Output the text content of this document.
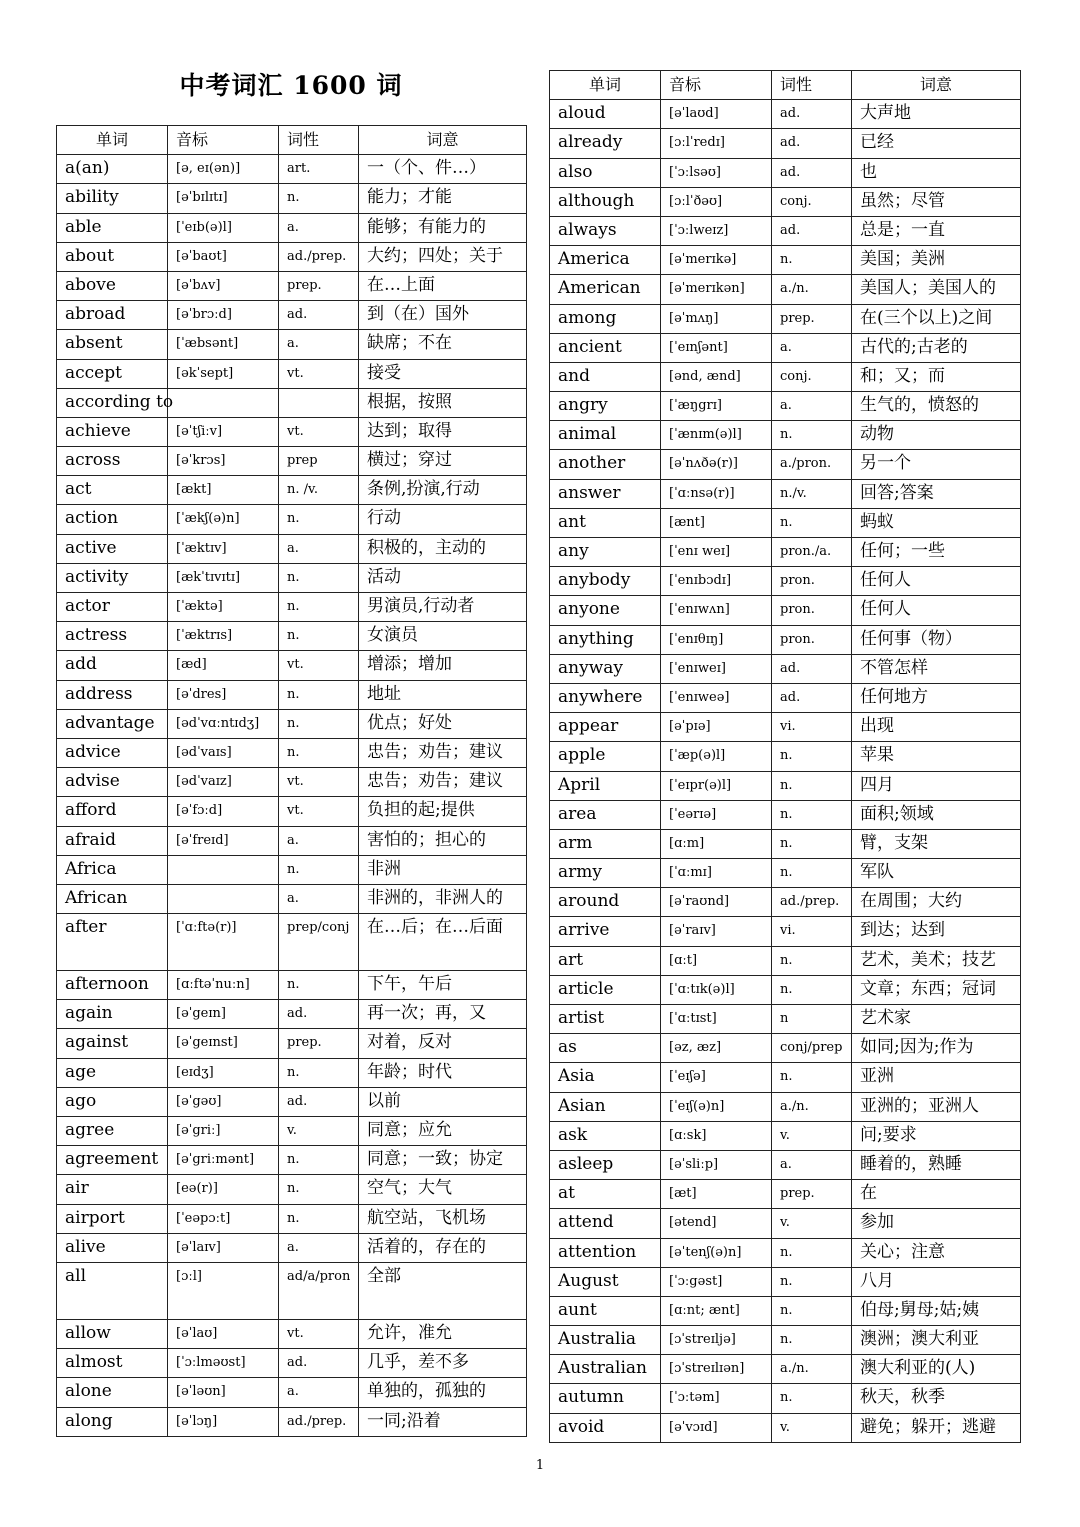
中考词汇 1600 词
单词	音标	词性	词意
a(an)	[ə, eɪ(ən)]	art.	一（个、件…）
ability	[əˈbɪlɪtɪ]	n.	能力；才能
able	[ˈeɪb(ə)l]	a.	能够；有能力的
about	[əˈbaʊt]	ad./prep.	大约；四处；关于
above	[əˈbʌv]	prep.	在…上面
abroad	[əˈbrɔːd]	ad.	到（在）国外
absent	[ˈæbsənt]	a.	缺席；不在
accept	[əkˈsept]	vt.	接受
according to			根据，按照
achieve	[əˈtʃiːv]	vt.	达到；取得
across	[əˈkrɔs]	prep	横过；穿过
act	[ækt]	n. /v.	条例,扮演,行动
action	[ˈækʃ(ə)n]	n.	行动
active	[ˈæktɪv]	a.	积极的，主动的
activity	[ækˈtɪvɪtɪ]	n.	活动
actor	[ˈæktə]	n.	男演员,行动者
actress	[ˈæktrɪs]	n.	女演员
add	[æd]	vt.	增添；增加
address	[əˈdres]	n.	地址
advantage	[ədˈvɑːntɪdʒ]	n.	优点；好处
advice	[ədˈvaɪs]	n.	忠告；劝告；建议
advise	[ədˈvaɪz]	vt.	忠告；劝告；建议
afford	[əˈfɔːd]	vt.	负担的起;提供
afraid	[əˈfreɪd]	a.	害怕的；担心的
Africa		n.	非洲
African		a.	非洲的，非洲人的
after	[ˈɑːftə(r)]	prep/conj	在…后；在…后面
afternoon	[ɑːftəˈnuːn]	n.	下午，午后
again	[əˈgeɪn]	ad.	再一次；再，又
against	[əˈgeɪnst]	prep.	对着，反对
age	[eɪdʒ]	n.	年龄；时代
ago	[əˈgəʊ]	ad.	以前
agree	[əˈgriː]	v.	同意；应允
agreement	[əˈgriːmənt]	n.	同意；一致；协定
air	[eə(r)]	n.	空气；大气
airport	[ˈeəpɔːt]	n.	航空站，飞机场
alive	[əˈlaɪv]	a.	活着的，存在的
all	[ɔːl]	ad/a/pron	全部
allow	[əˈlaʊ]	vt.	允许，准允
almost	[ˈɔːlməʊst]	ad.	几乎，差不多
alone	[əˈləʊn]	a.	单独的，孤独的
along	[əˈlɔŋ]	ad./prep.	一同;沿着
单词	音标	词性	词意
aloud	[əˈlaʊd]	ad.	大声地
already	[ɔːlˈredɪ]	ad.	已经
also	[ˈɔːlsəʊ]	ad.	也
although	[ɔːlˈðəʊ]	conj.	虽然；尽管
always	[ˈɔːlweɪz]	ad.	总是；一直
America	[əˈmerɪkə]	n.	美国；美洲
American	[əˈmerɪkən]	a./n.	美国人；美国人的
among	[əˈmʌŋ]	prep.	在(三个以上)之间
ancient	[ˈeɪnʃənt]	a.	古代的;古老的
and	[ənd, ænd]	conj.	和；又；而
angry	[ˈæŋgrɪ]	a.	生气的，愤怒的
animal	[ˈænɪm(ə)l]	n.	动物
another	[əˈnʌðə(r)]	a./pron.	另一个
answer	[ˈɑːnsə(r)]	n./v.	回答;答案
ant	[ænt]	n.	蚂蚁
any	[ˈenɪ weɪ]	pron./a.	任何；一些
anybody	[ˈenɪbɔdɪ]	pron.	任何人
anyone	[ˈenɪwʌn]	pron.	任何人
anything	[ˈenɪθɪŋ]	pron.	任何事（物）
anyway	[ˈenɪweɪ]	ad.	不管怎样
anywhere	[ˈenɪweə]	ad.	任何地方
appear	[əˈpɪə]	vi.	出现
apple	[ˈæp(ə)l]	n.	苹果
April	[ˈeɪpr(ə)l]	n.	四月
area	[ˈeərɪə]	n.	面积;领域
arm	[ɑːm]	n.	臂，支架
army	[ˈɑːmɪ]	n.	军队
around	[əˈraʊnd]	ad./prep.	在周围；大约
arrive	[əˈraɪv]	vi.	到达；达到
art	[ɑːt]	n.	艺术，美术；技艺
article	[ˈɑːtɪk(ə)l]	n.	文章；东西；冠词
artist	[ˈɑːtɪst]	n	艺术家
as	[əz, æz]	conj/prep	如同;因为;作为
Asia	[ˈeɪʃə]	n.	亚洲
Asian	[ˈeɪʃ(ə)n]	a./n.	亚洲的；亚洲人
ask	[ɑːsk]	v.	问;要求
asleep	[əˈsliːp]	a.	睡着的，熟睡
at	[æt]	prep.	在
attend	[ətend]	v.	参加
attention	[əˈtenʃ(ə)n]	n.	关心；注意
August	[ˈɔːgəst]	n.	八月
aunt	[ɑːnt; ænt]	n.	伯母;舅母;姑;姨
Australia	[ɔˈstreɪljə]	n.	澳洲；澳大利亚
Australian	[ɔˈstreɪlɪən]	a./n.	澳大利亚的(人)
autumn	[ˈɔːtəm]	n.	秋天，秋季
avoid	[əˈvɔɪd]	v.	避免；躲开；逃避
1
